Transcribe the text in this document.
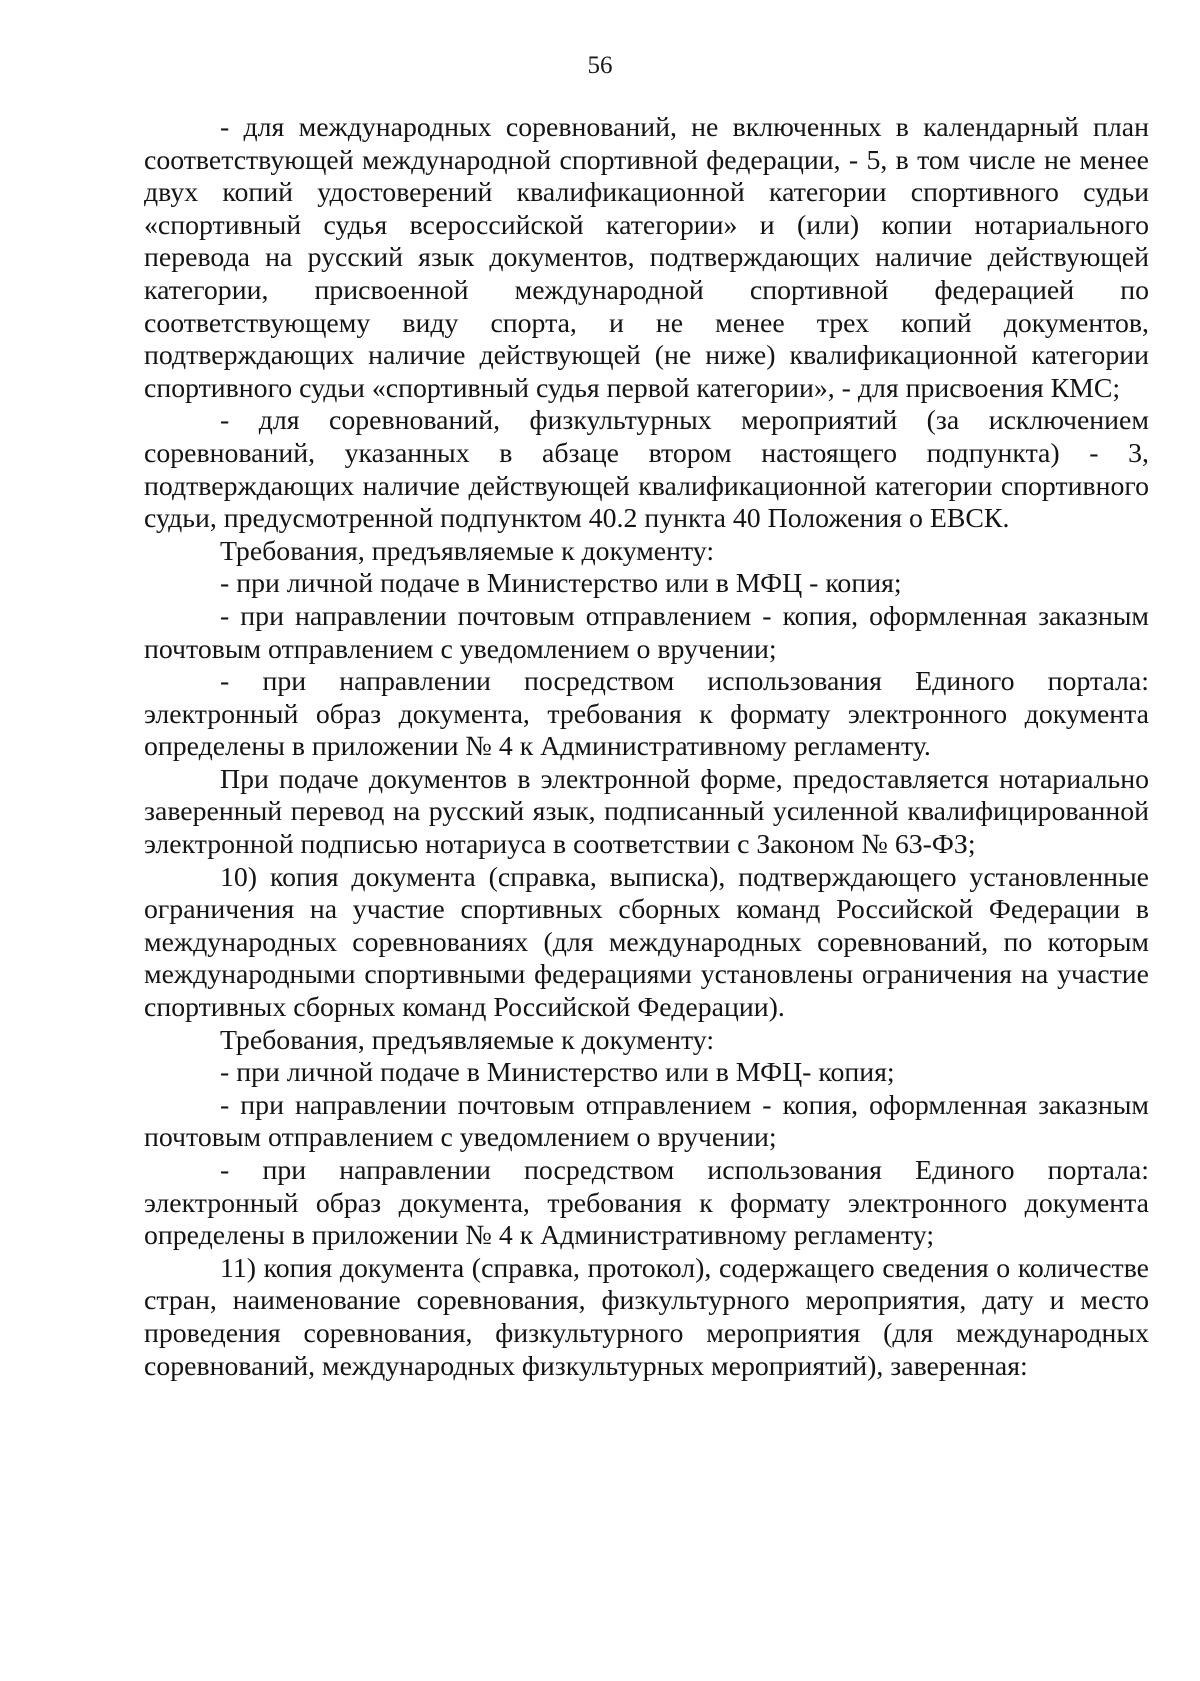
56

- для международных соревнований, не включенных в календарный план соответствующей международной спортивной федерации, - 5, в том числе не менее двух копий удостоверений квалификационной категории спортивного судьи «спортивный судья всероссийской категории» и (или) копии нотариального перевода на русский язык документов, подтверждающих наличие действующей категории, присвоенной международной спортивной федерацией по соответствующему виду спорта, и не менее трех копий документов, подтверждающих наличие действующей (не ниже) квалификационной категории спортивного судьи «спортивный судья первой категории», - для присвоения КМС;

- для соревнований, физкультурных мероприятий (за исключением соревнований, указанных в абзаце втором настоящего подпункта) - 3, подтверждающих наличие действующей квалификационной категории спортивного судьи, предусмотренной подпунктом 40.2 пункта 40 Положения о ЕВСК.

Требования, предъявляемые к документу:

- при личной подаче в Министерство или в МФЦ - копия;

- при направлении почтовым отправлением - копия, оформленная заказным почтовым отправлением с уведомлением о вручении;

- при направлении посредством использования Единого портала: электронный образ документа, требования к формату электронного документа определены в приложении № 4 к Административному регламенту.

При подаче документов в электронной форме, предоставляется нотариально заверенный перевод на русский язык, подписанный усиленной квалифицированной электронной подписью нотариуса в соответствии с Законом № 63-ФЗ;

10) копия документа (справка, выписка), подтверждающего установленные ограничения на участие спортивных сборных команд Российской Федерации в международных соревнованиях (для международных соревнований, по которым международными спортивными федерациями установлены ограничения на участие спортивных сборных команд Российской Федерации).

Требования, предъявляемые к документу:

- при личной подаче в Министерство или в МФЦ- копия;

- при направлении почтовым отправлением - копия, оформленная заказным почтовым отправлением с уведомлением о вручении;

- при направлении посредством использования Единого портала: электронный образ документа, требования к формату электронного документа определены в приложении № 4 к Административному регламенту;

11) копия документа (справка, протокол), содержащего сведения о количестве стран, наименование соревнования, физкультурного мероприятия, дату и место проведения соревнования, физкультурного мероприятия (для международных соревнований, международных физкультурных мероприятий), заверенная:
